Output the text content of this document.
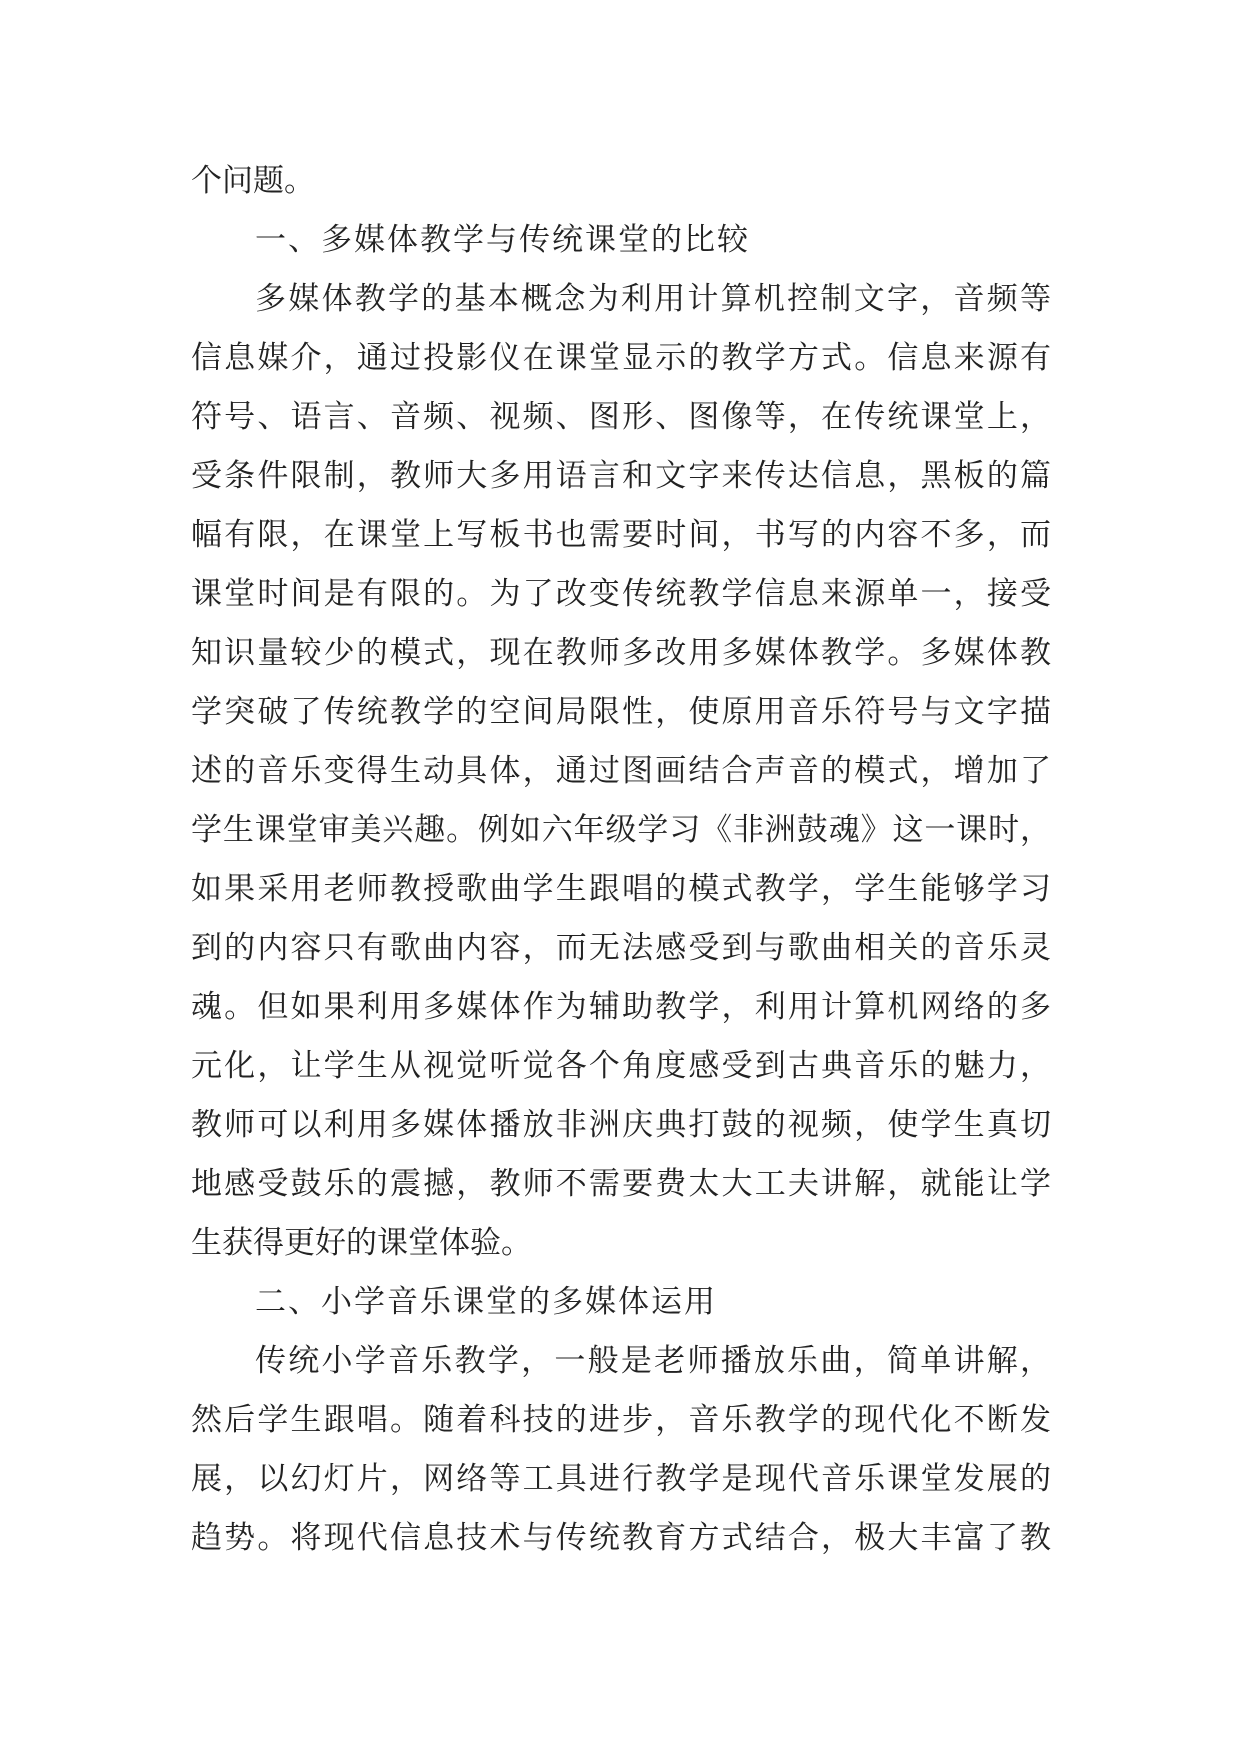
个问题。
一、多媒体教学与传统课堂的比较
多媒体教学的基本概念为利用计算机控制文字，音频等
信息媒介，通过投影仪在课堂显示的教学方式。信息来源有
符号、语言、音频、视频、图形、图像等，在传统课堂上，
受条件限制，教师大多用语言和文字来传达信息，黑板的篇
幅有限，在课堂上写板书也需要时间，书写的内容不多，而
课堂时间是有限的。为了改变传统教学信息来源单一，接受
知识量较少的模式，现在教师多改用多媒体教学。多媒体教
学突破了传统教学的空间局限性，使原用音乐符号与文字描
述的音乐变得生动具体，通过图画结合声音的模式，增加了
学生课堂审美兴趣。例如六年级学习《非洲鼓魂》这一课时，
如果采用老师教授歌曲学生跟唱的模式教学，学生能够学习
到的内容只有歌曲内容，而无法感受到与歌曲相关的音乐灵
魂。但如果利用多媒体作为辅助教学，利用计算机网络的多
元化，让学生从视觉听觉各个角度感受到古典音乐的魅力，
教师可以利用多媒体播放非洲庆典打鼓的视频，使学生真切
地感受鼓乐的震撼，教师不需要费太大工夫讲解，就能让学
生获得更好的课堂体验。
二、小学音乐课堂的多媒体运用
传统小学音乐教学，一般是老师播放乐曲，简单讲解，
然后学生跟唱。随着科技的进步，音乐教学的现代化不断发
展，以幻灯片，网络等工具进行教学是现代音乐课堂发展的
趋势。将现代信息技术与传统教育方式结合，极大丰富了教
